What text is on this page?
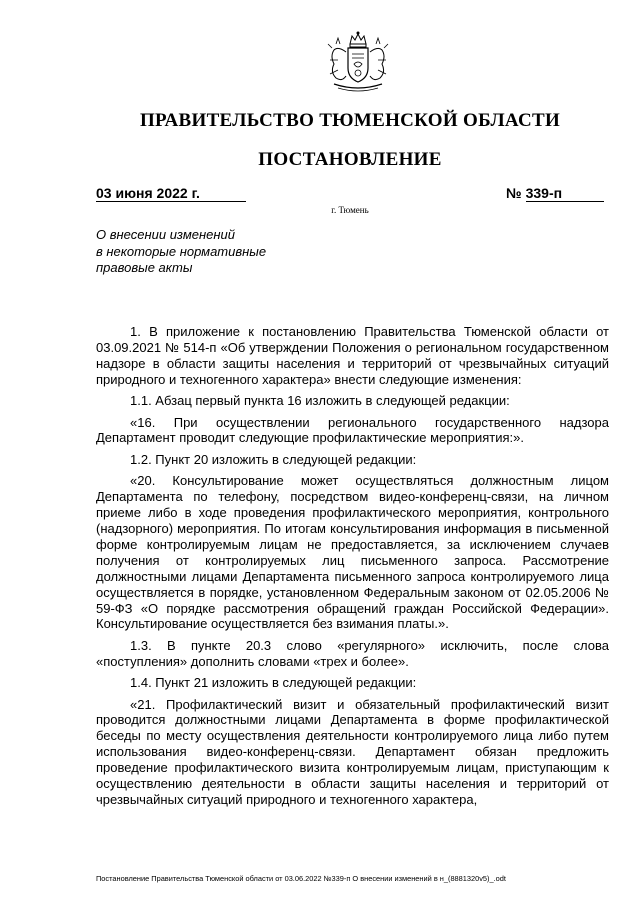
ПРАВИТЕЛЬСТВО ТЮМЕНСКОЙ ОБЛАСТИ
ПОСТАНОВЛЕНИЕ
03 июня 2022 г.	№ 339-п
г. Тюмень
О внесении изменений
в некоторые нормативные
правовые акты

1. В приложение к постановлению Правительства Тюменской области от 03.09.2021 № 514-п «Об утверждении Положения о региональном государственном надзоре в области защиты населения и территорий от чрезвычайных ситуаций природного и техногенного характера» внести следующие изменения:

1.1. Абзац первый пункта 16 изложить в следующей редакции:

«16. При осуществлении регионального государственного надзора Департамент проводит следующие профилактические мероприятия:».

1.2. Пункт 20 изложить в следующей редакции:

«20. Консультирование может осуществляться должностным лицом Департамента по телефону, посредством видео-конференц-связи, на личном приеме либо в ходе проведения профилактического мероприятия, контрольного (надзорного) мероприятия. По итогам консультирования информация в письменной форме контролируемым лицам не предоставляется, за исключением случаев получения от контролируемых лиц письменного запроса. Рассмотрение должностными лицами Департамента письменного запроса контролируемого лица осуществляется в порядке, установленном Федеральным законом от 02.05.2006 № 59-ФЗ «О порядке рассмотрения обращений граждан Российской Федерации». Консультирование осуществляется без взимания платы.».

1.3. В пункте 20.3 слово «регулярного» исключить, после слова «поступления» дополнить словами «трех и более».

1.4. Пункт 21 изложить в следующей редакции:

«21. Профилактический визит и обязательный профилактический визит проводится должностными лицами Департамента в форме профилактической беседы по месту осуществления деятельности контролируемого лица либо путем использования видео-конференц-связи. Департамент обязан предложить проведение профилактического визита контролируемым лицам, приступающим к осуществлению деятельности в области защиты населения и территорий от чрезвычайных ситуаций природного и техногенного характера,

Постановление Правительства Тюменской области от 03.06.2022 №339-п О внесении изменений в н_(8881320v5)_.odt
